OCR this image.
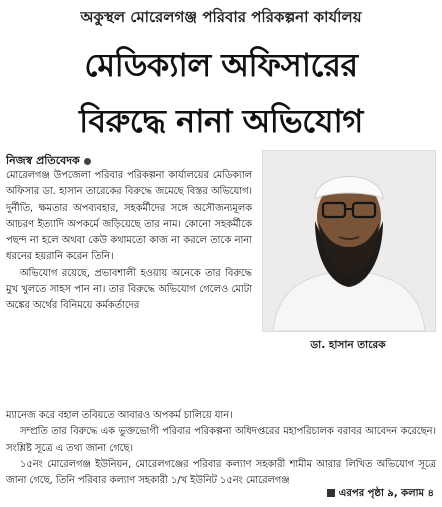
অকুস্থল মোরেলগঞ্জ পরিবার পরিকল্পনা কার্যালয়
মেডিক্যাল অফিসারের
বিরুদ্ধে নানা অভিযোগ
নিজস্ব প্রতিবেদক

মোরেলগঞ্জ উপজেলা পরিবার পরিকল্পনা কার্যালয়ের মেডিক্যাল অফিসার ডা. হাসান তারেকের বিরুদ্ধে জমেছে বিস্তর অভিযোগ। দুর্নীতি, ক্ষমতার অপব্যবহার, সহকর্মীদের সঙ্গে অসৌজন্যমূলক আচরণ ইত্যাদি অপকর্মে জড়িয়েছে তার নাম। কোনো সহকর্মীকে পছন্দ না হলে অথবা কেউ কথামতো কাজ না করলে তাকে নানা ধরনের হয়রানি করেন তিনি।

অভিযোগ রয়েছে, প্রভাবশালী হওয়ায় অনেকে তার বিরুদ্ধে মুখ খুলতে সাহস পান না। তার বিরুদ্ধে অভিযোগ গেলেও মোটা অঙ্কের অর্থের বিনিময়ে কর্মকর্তাদের

ডা. হাসান তারেক

ম্যানেজ করে বহাল তবিয়তে আবারও অপকর্ম চালিয়ে যান।

সম্প্রতি তার বিরুদ্ধে এক ভুক্তভোগী পরিবার পরিকল্পনা অধিদপ্তরের মহাপরিচালক বরাবর আবেদন করেছেন। সংশ্লিষ্ট সূত্রে এ তথ্য জানা গেছে।

১৫নং মোরেলগঞ্জ ইউনিয়ন, মোরেলগঞ্জের পরিবার কল্যাণ সহকারী শামীম আরার লিখিত অভিযোগ সূত্রে জানা গেছে, তিনি পরিবার কল্যাণ সহকারী ১/খ ইউনিট ১৫নং মোরেলগঞ্জ

এরপর পৃষ্ঠা ৯, কলাম ৪
